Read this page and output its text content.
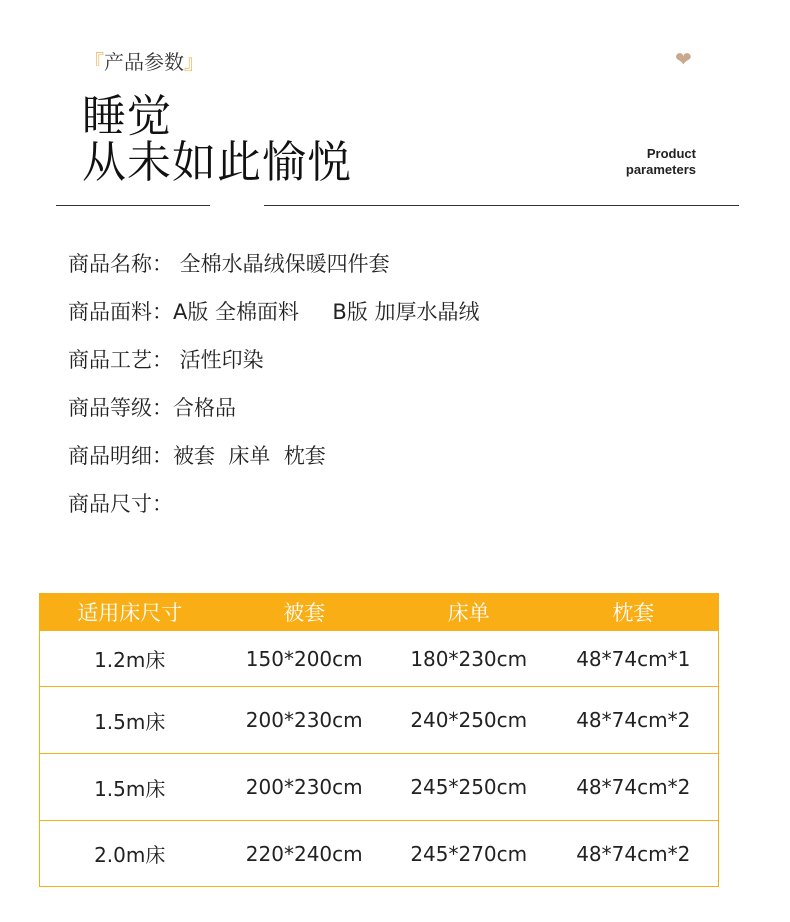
『产品参数』	❤
睡觉
从未如此愉悦	Product
parameters
商品名称： 全棉水晶绒保暖四件套
商品面料：A版 全棉面料     B版 加厚水晶绒
商品工艺： 活性印染
商品等级：合格品
商品明细：被套  床单  枕套
商品尺寸：
适用床尺寸	被套	床单	枕套
1.2m床	150*200cm	180*230cm	48*74cm*1
1.5m床	200*230cm	240*250cm	48*74cm*2
1.5m床	200*230cm	245*250cm	48*74cm*2
2.0m床	220*240cm	245*270cm	48*74cm*2
